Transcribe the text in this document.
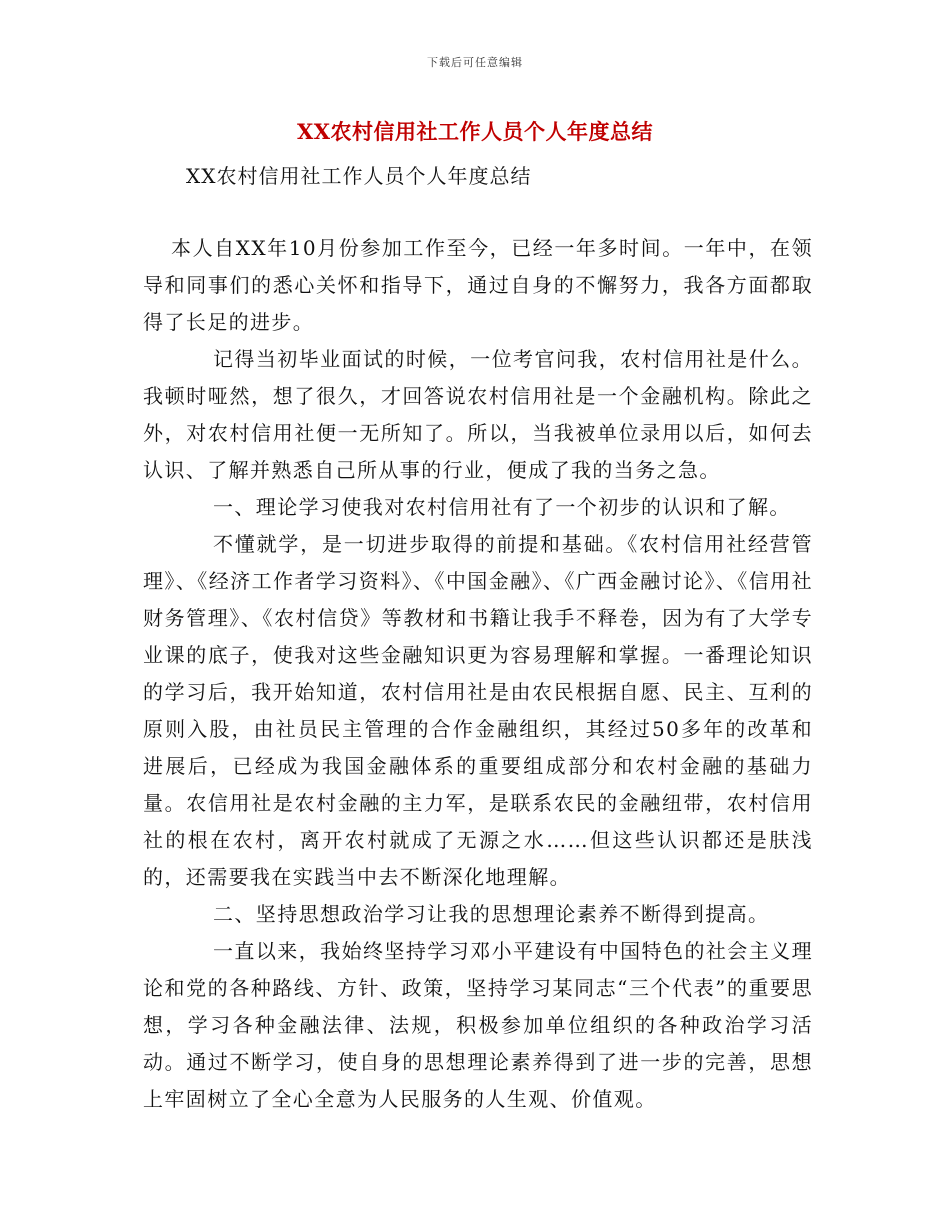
下载后可任意编辑
XX农村信用社工作人员个人年度总结
XX农村信用社工作人员个人年度总结

本人自XX年10月份参加工作至今，已经一年多时间。一年中，在领导和同事们的悉心关怀和指导下，通过自身的不懈努力，我各方面都取得了长足的进步。

记得当初毕业面试的时候，一位考官问我，农村信用社是什么。我顿时哑然，想了很久，才回答说农村信用社是一个金融机构。除此之外，对农村信用社便一无所知了。所以，当我被单位录用以后，如何去认识、了解并熟悉自己所从事的行业，便成了我的当务之急。

一、理论学习使我对农村信用社有了一个初步的认识和了解。

不懂就学，是一切进步取得的前提和基础。《农村信用社经营管理》、《经济工作者学习资料》、《中国金融》、《广西金融讨论》、《信用社财务管理》、《农村信贷》等教材和书籍让我手不释卷，因为有了大学专业课的底子，使我对这些金融知识更为容易理解和掌握。一番理论知识的学习后，我开始知道，农村信用社是由农民根据自愿、民主、互利的原则入股，由社员民主管理的合作金融组织，其经过50多年的改革和进展后，已经成为我国金融体系的重要组成部分和农村金融的基础力量。农信用社是农村金融的主力军，是联系农民的金融纽带，农村信用社的根在农村，离开农村就成了无源之水……但这些认识都还是肤浅的，还需要我在实践当中去不断深化地理解。

二、坚持思想政治学习让我的思想理论素养不断得到提高。

一直以来，我始终坚持学习邓小平建设有中国特色的社会主义理论和党的各种路线、方针、政策，坚持学习某同志“三个代表”的重要思想，学习各种金融法律、法规，积极参加单位组织的各种政治学习活动。通过不断学习，使自身的思想理论素养得到了进一步的完善，思想上牢固树立了全心全意为人民服务的人生观、价值观。
